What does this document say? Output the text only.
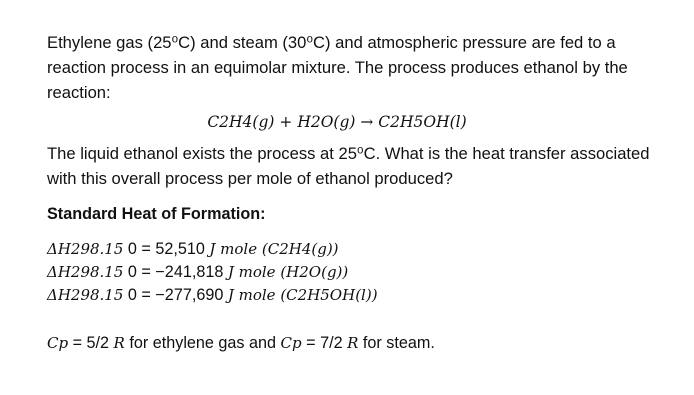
Ethylene gas (25⁰C) and steam (30⁰C) and atmospheric pressure are fed to a reaction process in an equimolar mixture. The process produces ethanol by the reaction:

C2H4(g) + H2O(g) → C2H5OH(l)

The liquid ethanol exists the process at 25⁰C. What is the heat transfer associated with this overall process per mole of ethanol produced?

Standard Heat of Formation:
ΔH298.15 0 = 52,510 J mole (C2H4(g))
ΔH298.15 0 = −241,818 J mole (H2O(g))
ΔH298.15 0 = −277,690 J mole (C2H5OH(l))
Cp = 5/2 R for ethylene gas and Cp = 7/2 R for steam.
